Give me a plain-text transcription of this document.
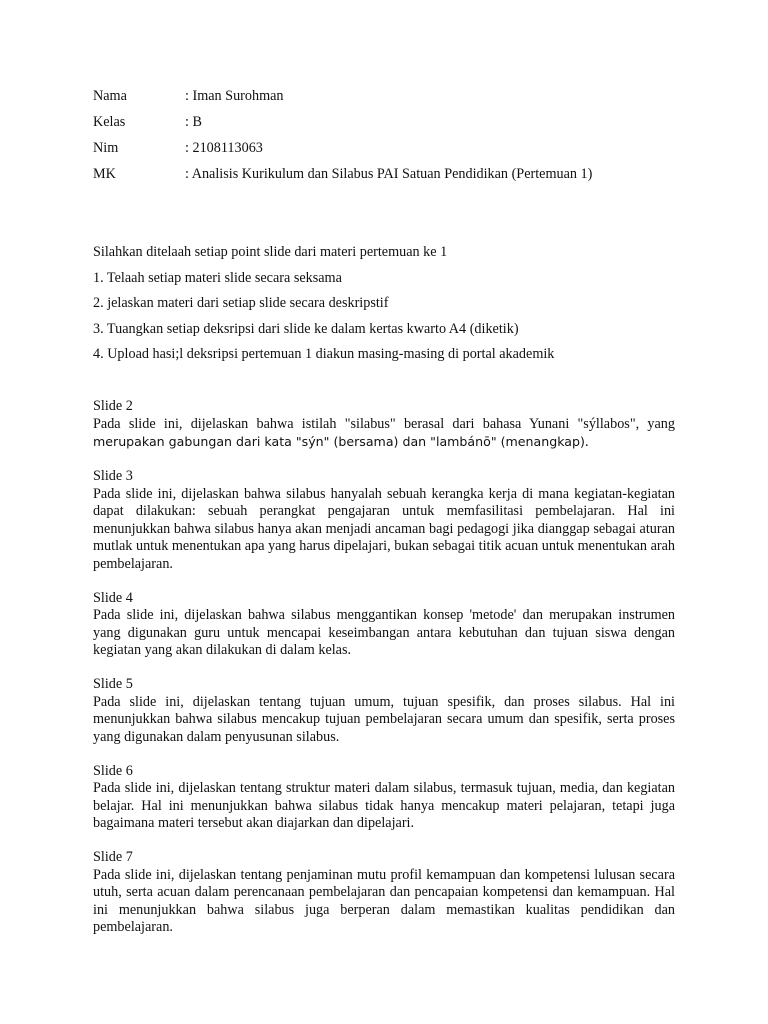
Nama	: Iman Surohman
Kelas	: B
Nim	: 2108113063
MK	: Analisis Kurikulum dan Silabus PAI Satuan Pendidikan (Pertemuan 1)
Silahkan ditelaah setiap point slide dari materi pertemuan ke 1
1. Telaah setiap materi slide secara seksama
2. jelaskan materi dari setiap slide secara deskripstif
3. Tuangkan setiap deksripsi dari slide ke dalam kertas kwarto A4 (diketik)
4. Upload hasi;l deksripsi pertemuan 1 diakun masing-masing di portal akademik
Slide 2
Pada slide ini, dijelaskan bahwa istilah "silabus" berasal dari bahasa Yunani "sýllabos", yang merupakan gabungan dari kata "sýn" (bersama) dan "lambánō" (menangkap).
Slide 3
Pada slide ini, dijelaskan bahwa silabus hanyalah sebuah kerangka kerja di mana kegiatan-kegiatan dapat dilakukan: sebuah perangkat pengajaran untuk memfasilitasi pembelajaran. Hal ini menunjukkan bahwa silabus hanya akan menjadi ancaman bagi pedagogi jika dianggap sebagai aturan mutlak untuk menentukan apa yang harus dipelajari, bukan sebagai titik acuan untuk menentukan arah pembelajaran.
Slide 4
Pada slide ini, dijelaskan bahwa silabus menggantikan konsep 'metode' dan merupakan instrumen yang digunakan guru untuk mencapai keseimbangan antara kebutuhan dan tujuan siswa dengan kegiatan yang akan dilakukan di dalam kelas.
Slide 5
Pada slide ini, dijelaskan tentang tujuan umum, tujuan spesifik, dan proses silabus. Hal ini menunjukkan bahwa silabus mencakup tujuan pembelajaran secara umum dan spesifik, serta proses yang digunakan dalam penyusunan silabus.
Slide 6
Pada slide ini, dijelaskan tentang struktur materi dalam silabus, termasuk tujuan, media, dan kegiatan belajar. Hal ini menunjukkan bahwa silabus tidak hanya mencakup materi pelajaran, tetapi juga bagaimana materi tersebut akan diajarkan dan dipelajari.
Slide 7
Pada slide ini, dijelaskan tentang penjaminan mutu profil kemampuan dan kompetensi lulusan secara utuh, serta acuan dalam perencanaan pembelajaran dan pencapaian kompetensi dan kemampuan. Hal ini menunjukkan bahwa silabus juga berperan dalam memastikan kualitas pendidikan dan pembelajaran.
